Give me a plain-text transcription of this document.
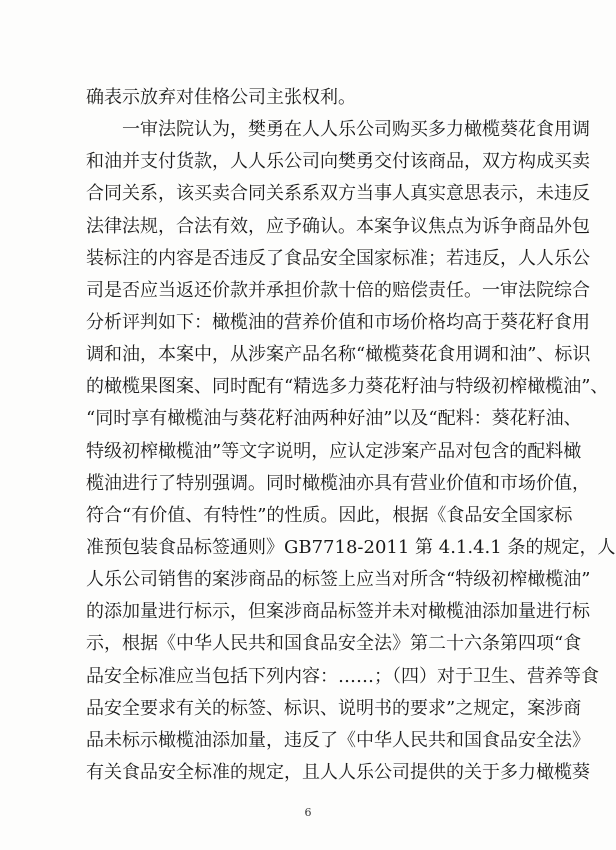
确表示放弃对佳格公司主张权利。
一审法院认为，樊勇在人人乐公司购买多力橄榄葵花食用调
和油并支付货款，人人乐公司向樊勇交付该商品，双方构成买卖
合同关系，该买卖合同关系系双方当事人真实意思表示，未违反
法律法规，合法有效，应予确认。本案争议焦点为诉争商品外包
装标注的内容是否违反了食品安全国家标准；若违反，人人乐公
司是否应当返还价款并承担价款十倍的赔偿责任。一审法院综合
分析评判如下：橄榄油的营养价值和市场价格均高于葵花籽食用
调和油，本案中，从涉案产品名称“橄榄葵花食用调和油”、标识
的橄榄果图案、同时配有“精选多力葵花籽油与特级初榨橄榄油”、
“同时享有橄榄油与葵花籽油两种好油”以及“配料：葵花籽油、
特级初榨橄榄油”等文字说明，应认定涉案产品对包含的配料橄
榄油进行了特别强调。同时橄榄油亦具有营业价值和市场价值，
符合“有价值、有特性”的性质。因此，根据《食品安全国家标
准预包装食品标签通则》GB7718-2011 第 4.1.4.1 条的规定，人
人乐公司销售的案涉商品的标签上应当对所含“特级初榨橄榄油”
的添加量进行标示，但案涉商品标签并未对橄榄油添加量进行标
示，根据《中华人民共和国食品安全法》第二十六条第四项“食
品安全标准应当包括下列内容：……；（四）对于卫生、营养等食
品安全要求有关的标签、标识、说明书的要求”之规定，案涉商
品未标示橄榄油添加量，违反了《中华人民共和国食品安全法》
有关食品安全标准的规定，且人人乐公司提供的关于多力橄榄葵
6
